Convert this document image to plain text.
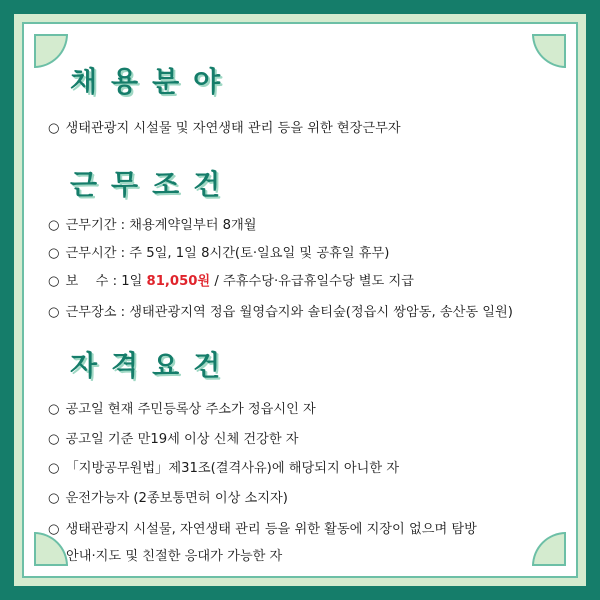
채용분야
○ 생태관광지 시설물 및 자연생태 관리 등을 위한 현장근무자
근무조건
○ 근무기간 : 채용계약일부터 8개월
○ 근무시간 : 주 5일, 1일 8시간(토·일요일 및 공휴일 휴무)
○ 보　 수 : 1일 81,050원 / 주휴수당·유급휴일수당 별도 지급
○ 근무장소 : 생태관광지역 정읍 월영습지와 솔티숲(정읍시 쌍암동, 송산동 일원)
자격요건
○ 공고일 현재 주민등록상 주소가 정읍시인 자
○ 공고일 기준 만19세 이상 신체 건강한 자
○ 「지방공무원법」제31조(결격사유)에 해당되지 아니한 자
○ 운전가능자 (2종보통면허 이상 소지자)
○ 생태관광지 시설물, 자연생태 관리 등을 위한 활동에 지장이 없으며 탐방
안내·지도 및 친절한 응대가 가능한 자
